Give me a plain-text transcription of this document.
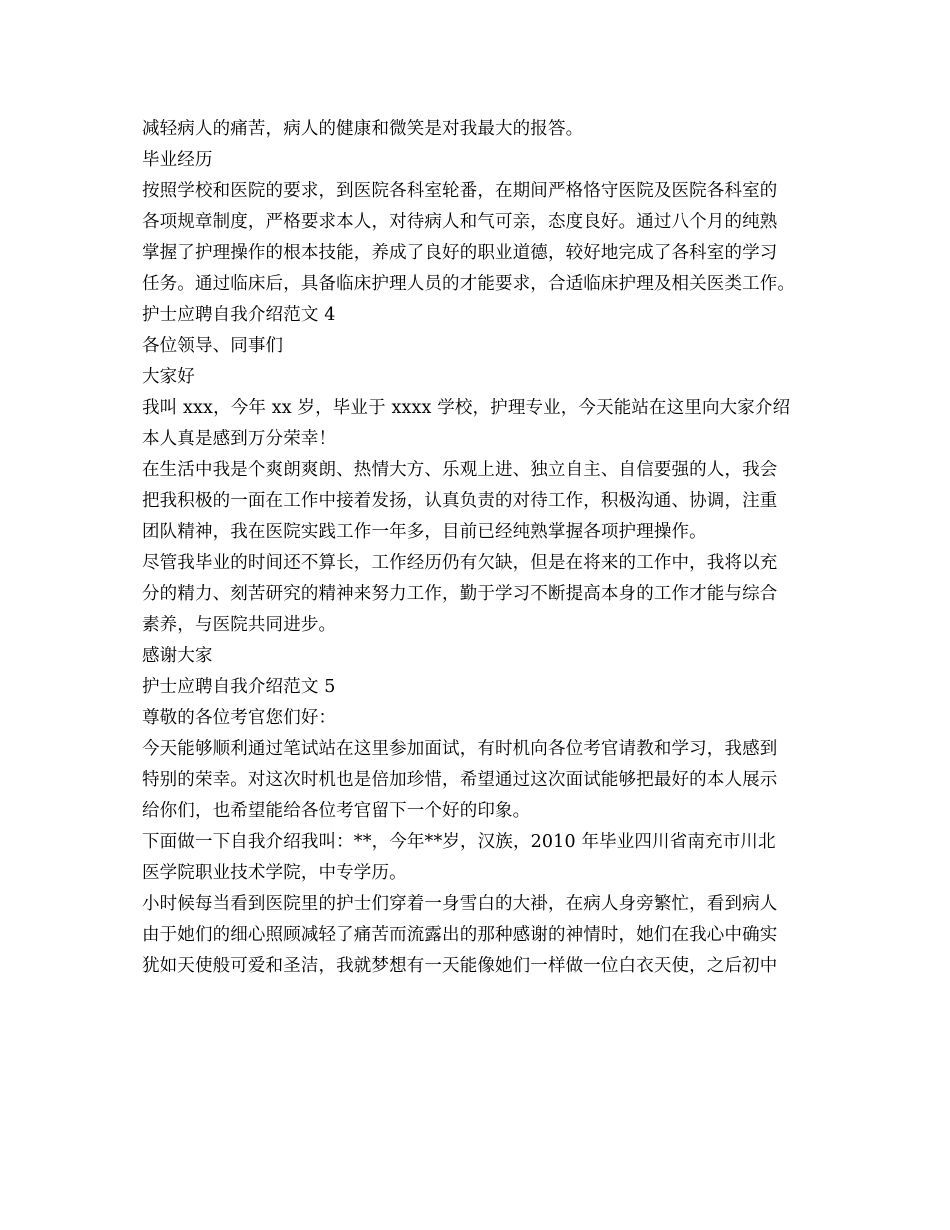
减轻病人的痛苦，病人的健康和微笑是对我最大的报答。
毕业经历
按照学校和医院的要求，到医院各科室轮番，在期间严格恪守医院及医院各科室的
各项规章制度，严格要求本人，对待病人和气可亲，态度良好。通过八个月的纯熟
掌握了护理操作的根本技能，养成了良好的职业道德，较好地完成了各科室的学习
任务。通过临床后，具备临床护理人员的才能要求，合适临床护理及相关医类工作。
护士应聘自我介绍范文 4
各位领导、同事们
大家好
我叫 xxx，今年 xx 岁，毕业于 xxxx 学校，护理专业，今天能站在这里向大家介绍
本人真是感到万分荣幸！
在生活中我是个爽朗爽朗、热情大方、乐观上进、独立自主、自信要强的人，我会
把我积极的一面在工作中接着发扬，认真负责的对待工作，积极沟通、协调，注重
团队精神，我在医院实践工作一年多，目前已经纯熟掌握各项护理操作。
尽管我毕业的时间还不算长，工作经历仍有欠缺，但是在将来的工作中，我将以充
分的精力、刻苦研究的精神来努力工作，勤于学习不断提高本身的工作才能与综合
素养，与医院共同进步。
感谢大家
护士应聘自我介绍范文 5
尊敬的各位考官您们好：
今天能够顺利通过笔试站在这里参加面试，有时机向各位考官请教和学习，我感到
特别的荣幸。对这次时机也是倍加珍惜，希望通过这次面试能够把最好的本人展示
给你们，也希望能给各位考官留下一个好的印象。
下面做一下自我介绍我叫：**，今年**岁，汉族，2010 年毕业四川省南充市川北
医学院职业技术学院，中专学历。
小时候每当看到医院里的护士们穿着一身雪白的大褂，在病人身旁繁忙，看到病人
由于她们的细心照顾减轻了痛苦而流露出的那种感谢的神情时，她们在我心中确实
犹如天使般可爱和圣洁，我就梦想有一天能像她们一样做一位白衣天使，之后初中
